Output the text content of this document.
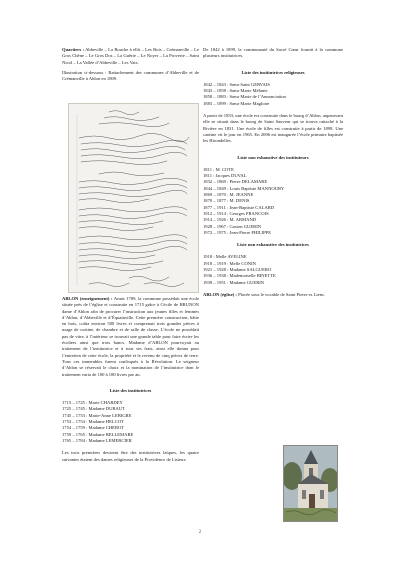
Quartiers : Abbeville – La Bouche à ellit – Les Bois – Crémanville – Le Gros Chêne – Le Gros Dos – La Guêrie – Le Noyer – La Proverie – Saint Nicol – La Vallée d’Abbeville – Les Vats.
Illustration ci-dessous : Rattachement des communes d’Abbeville et de Crémanville à Ablon en 1809.
ABLON (enseignement) : Avant 1789, la commune possédait une école située près de l’église et construite en 1715 grâce à Cécile de BRUNON dame d’Ablon afin de procurer l’instruction aux jeunes filles et femmes d’Ablon, d’Abbeville et d’Équainville. Cette première construction, bâtie en bois, coûta environ 500 livres et comprenait trois grandes pièces à usage de cuisine, de chambre et de salle de classe. L’école ne possédait pas de vitre, à l’intérieur se trouvait une grande table pour faire écrire les écoliers ainsi que trois bancs. Madame d’ABLON pourvoyait au traitement de l’institutrice et à tous ses frais, ainsi elle donna pour l’entretien de cette école, la propriété et le revenu de cinq pièces de terre. Tous ces immeubles furent confisqués à la Révolution. Le seigneur d’Ablon se réservait le choix et la nomination de l’institutrice dont le traitement varia de 100 à 180 livres par an.
Liste des institutrices
1715 – 1725 : Marie CHARDEY
1725 – 1745 : Madame DUBAUT
1745 – 1753 : Marie-Anne LEBIGRE
1753 – 1754 : Madame HELCOT
1754 – 1759 : Madame CHEROT
1759 – 1765 : Madame BELLEMARE
1765 – 1784 : Madame LEMERCIER
Les trois premières devaient être des institutrices laïques, les quatre suivantes étaient des dames religieuses de la Providence de Lisieux.
De 1842 à 1899, la communauté du Sacré Cœur fournit à la commune plusieurs institutrices.
Liste des institutrices religieuses
1842 – 1843 : Sœur Saint GERVAIS
1843 – 1858 : Sœur Marie Mélanie
1858 – 1883 : Sœur Marie de l’Annonciation
1883 – 1899 : Sœur Marie Magloire
A partir de 1833, une école est construite dans le bourg d’Ablon, auparavant elle se situait dans le bourg de Saint Sauveur qui se trouva rattaché à la Rivière en 1831. Une école de filles est construite à partir de 1898. Une cantine vit le jour en 1965. En 2006 est inaugurée l’école primaire baptisée les Hirondelles.
Liste non exhaustive des instituteurs
1811 : M. COTE
1811 : Jacques DUVAL
1832 – 1869 : Pierre DELAMARE
1844 – 1849 : Louis Baptiste MANNOURY
1869 – 1870 : M. JEANNE
1870 – 1877 : M. DENIS
1877 – 1911 : Jean-Baptiste CALARD
1912 – 1914 : Georges FRANCOIS
1914 – 1926 : M. ARMAND
1928 – 1967 : Gaston GUERIN
1972 – 1975 : Jean-Pierre PHILIPPE
Liste non exhaustive des institutrices
1918 : Melle AVELINE
1918 – 1919 : Melle CONIN
1921 – 1928 : Madame SALGUERO
1936 – 1938 : Mademoiselle BINETTE
1939 – 1951 : Madame GUERIN
ABLON (église) : Placée sous le vocable de Saint Pierre es Liens.
2
